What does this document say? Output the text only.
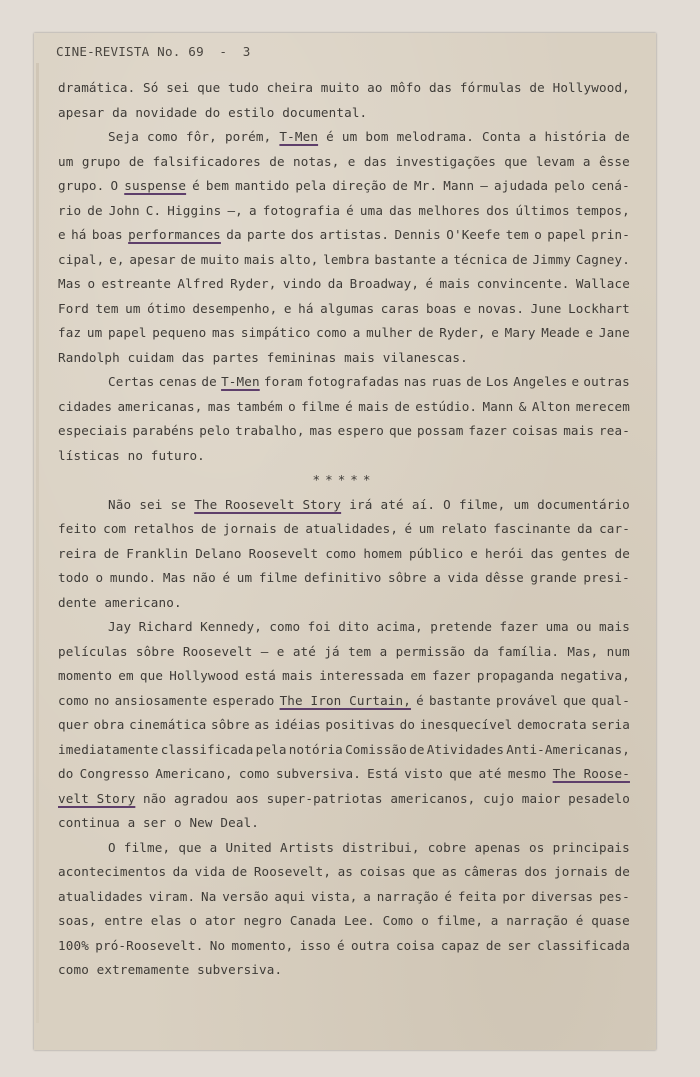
CINE-REVISTA No. 69  -  3
dramática. Só sei que tudo cheira muito ao môfo das fórmulas de Hollywood,
apesar da novidade do estilo documental.
Seja como fôr, porém, T-Men é um bom melodrama. Conta a história de
um grupo de falsificadores de notas, e das investigações que levam a êsse
grupo. O suspense é bem mantido pela direção de Mr. Mann — ajudada pelo cená-
rio de John C. Higgins —, a fotografia é uma das melhores dos últimos tempos,
e há boas performances da parte dos artistas. Dennis O'Keefe tem o papel prin-
cipal, e, apesar de muito mais alto, lembra bastante a técnica de Jimmy Cagney.
Mas o estreante Alfred Ryder, vindo da Broadway, é mais convincente. Wallace
Ford tem um ótimo desempenho, e há algumas caras boas e novas. June Lockhart
faz um papel pequeno mas simpático como a mulher de Ryder, e Mary Meade e Jane
Randolph cuidam das partes femininas mais vilanescas.
Certas cenas de T-Men foram fotografadas nas ruas de Los Angeles e outras
cidades americanas, mas também o filme é mais de estúdio. Mann & Alton merecem
especiais parabéns pelo trabalho, mas espero que possam fazer coisas mais rea-
lísticas no futuro.
*****
Não sei se The Roosevelt Story irá até aí. O filme, um documentário
feito com retalhos de jornais de atualidades, é um relato fascinante da car-
reira de Franklin Delano Roosevelt como homem público e herói das gentes de
todo o mundo. Mas não é um filme definitivo sôbre a vida dêsse grande presi-
dente americano.
Jay Richard Kennedy, como foi dito acima, pretende fazer uma ou mais
películas sôbre Roosevelt — e até já tem a permissão da família. Mas, num
momento em que Hollywood está mais interessada em fazer propaganda negativa,
como no ansiosamente esperado The Iron Curtain, é bastante provável que qual-
quer obra cinemática sôbre as idéias positivas do inesquecível democrata seria
imediatamente classificada pela notória Comissão de Atividades Anti-Americanas,
do Congresso Americano, como subversiva. Está visto que até mesmo The Roose-
velt Story não agradou aos super-patriotas americanos, cujo maior pesadelo
continua a ser o New Deal.
O filme, que a United Artists distribui, cobre apenas os principais
acontecimentos da vida de Roosevelt, as coisas que as câmeras dos jornais de
atualidades viram. Na versão aqui vista, a narração é feita por diversas pes-
soas, entre elas o ator negro Canada Lee. Como o filme, a narração é quase
100% pró-Roosevelt. No momento, isso é outra coisa capaz de ser classificada
como extremamente subversiva.
